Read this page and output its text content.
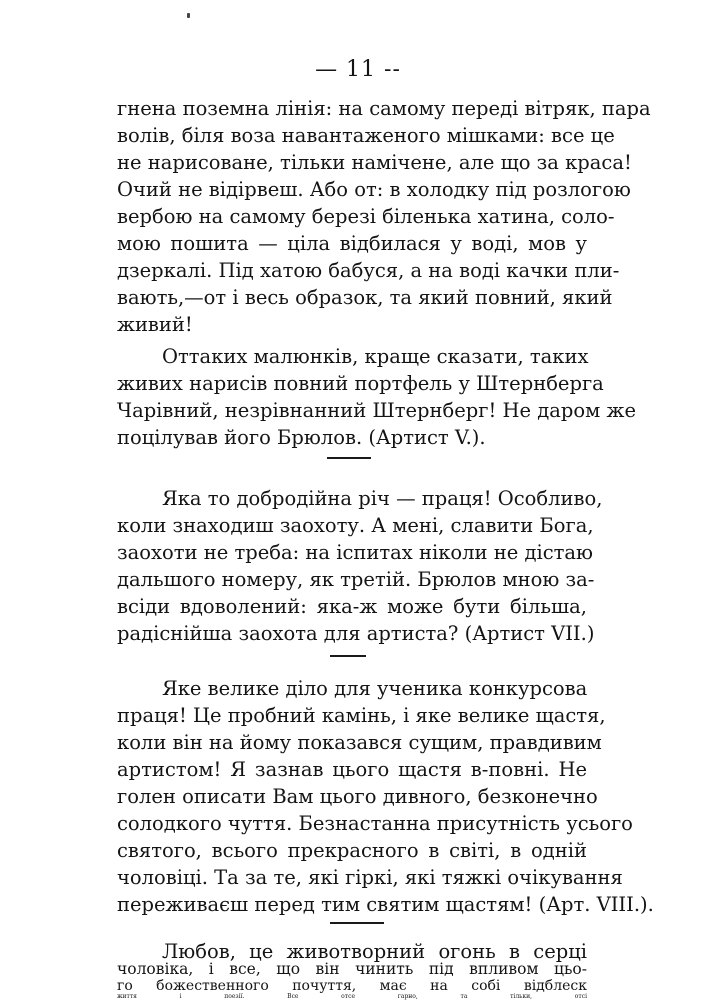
— 11 --
гнена поземна лінія: на самому переді вітряк, пара
волів, біля воза навантаженого мішками: все це
не нарисоване, тільки намічене, але що за краса!
Очий не відірвеш. Або от: в холодку під розлогою
вербою на самому березі біленька хатина, соло-
мою пошита — ціла відбилася у воді, мов у
дзеркалі. Під хатою бабуся, а на воді качки пли-
вають,—от і весь образок, та який повний, який
живий!
Оттаких малюнків, краще сказати, таких
живих нарисів повний портфель у Штернберга
Чарівний, незрівнанний Штернберг! Не даром же
поцілував його Брюлов. (Артист V.).
Яка то добродійна річ — праця! Особливо,
коли знаходиш заохоту. А мені, славити Бога,
заохоти не треба: на іспитах ніколи не дістаю
дальшого номеру, як третій. Брюлов мною за-
всіди вдоволений: яка-ж може бути більша,
радіснійша заохота для артиста? (Артист VII.)
Яке велике діло для ученика конкурсова
праця! Це пробний камінь, і яке велике щастя,
коли він на йому показався сущим, правдивим
артистом! Я зазнав цього щастя в-повні. Не
голен описати Вам цього дивного, безконечно
солодкого чуття. Безнастанна присутність усього
святого, всього прекрасного в світі, в одній
чоловіці. Та за те, які гіркі, які тяжкі очікування
переживаєш перед тим святим щастям! (Арт. VIII.).
Любов, це животворний огонь в серці
чоловіка, і все, що він чинить під впливом цьо-
го божественного почуття, має на собі відблеск
життя і поезії. Все отсе гарно, та тільки, отсі
